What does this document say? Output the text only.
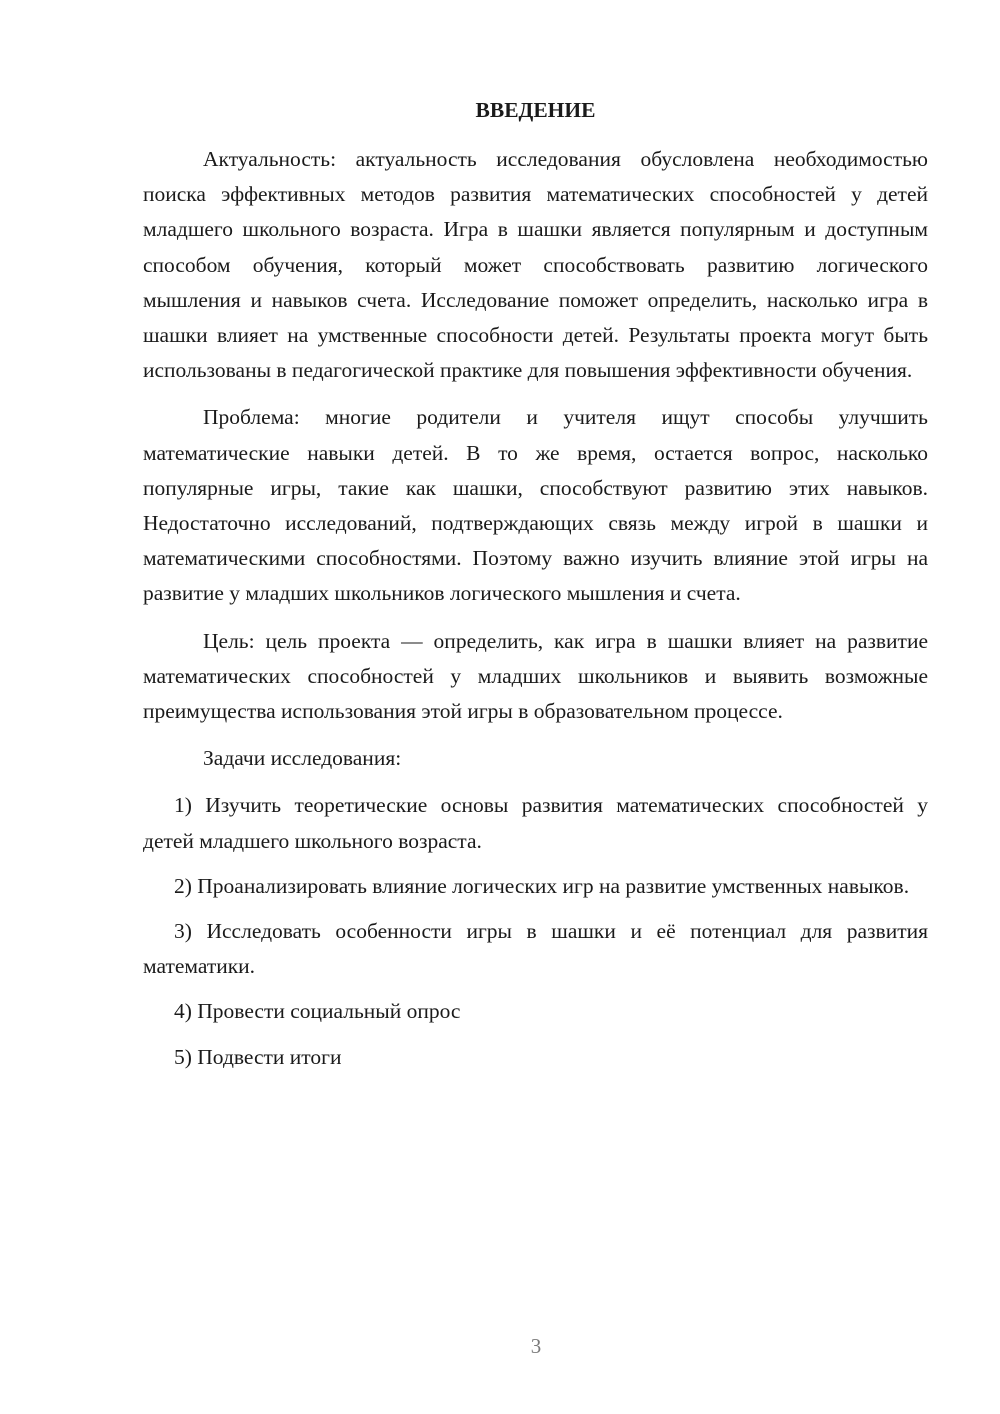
ВВЕДЕНИЕ

Актуальность: актуальность исследования обусловлена необходимостью поиска эффективных методов развития математических способностей у детей младшего школьного возраста. Игра в шашки является популярным и доступным способом обучения, который может способствовать развитию логического мышления и навыков счета. Исследование поможет определить, насколько игра в шашки влияет на умственные способности детей. Результаты проекта могут быть использованы в педагогической практике для повышения эффективности обучения.

Проблема: многие родители и учителя ищут способы улучшить математические навыки детей. В то же время, остается вопрос, насколько популярные игры, такие как шашки, способствуют развитию этих навыков. Недостаточно исследований, подтверждающих связь между игрой в шашки и математическими способностями. Поэтому важно изучить влияние этой игры на развитие у младших школьников логического мышления и счета.

Цель: цель проекта — определить, как игра в шашки влияет на развитие математических способностей у младших школьников и выявить возможные преимущества использования этой игры в образовательном процессе.

Задачи исследования:

1) Изучить теоретические основы развития математических способностей у детей младшего школьного возраста.

2) Проанализировать влияние логических игр на развитие умственных навыков.

3) Исследовать особенности игры в шашки и её потенциал для развития математики.

4) Провести социальный опрос

5) Подвести итоги

3
